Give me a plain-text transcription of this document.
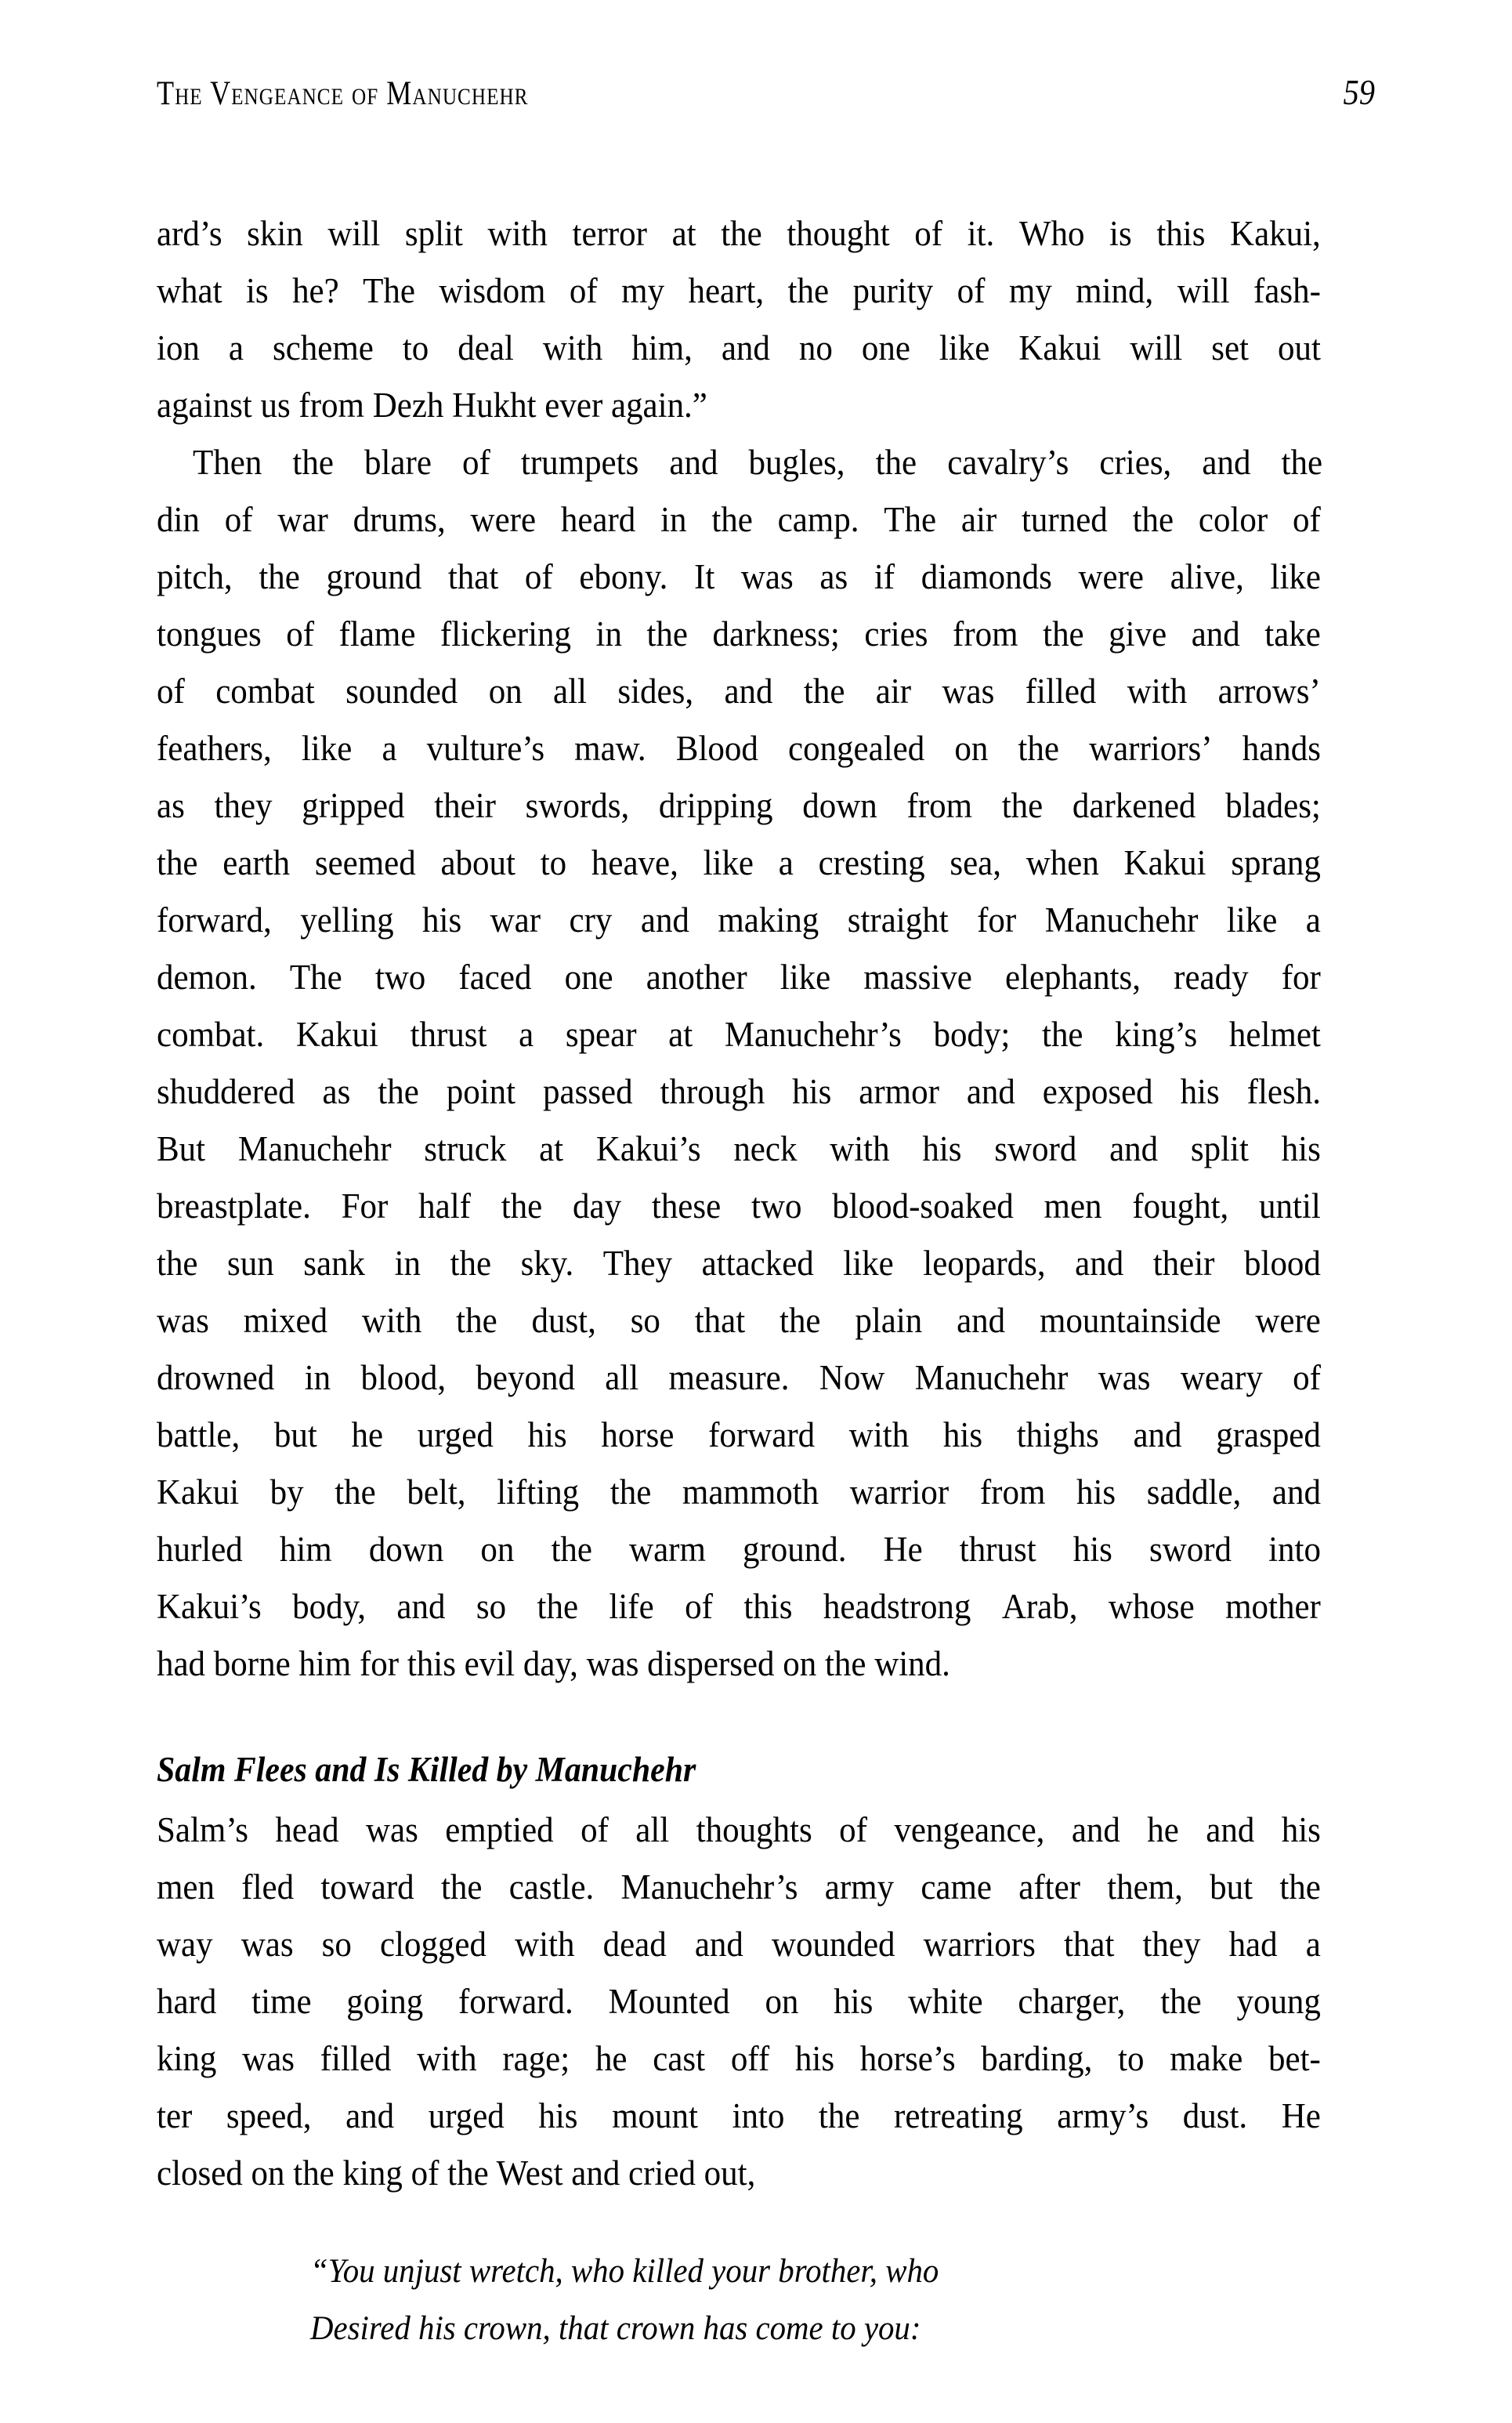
The Vengeance of Manuchehr	59

ard’s skin will split with terror at the thought of it. Who is this Kakui,
what is he? The wisdom of my heart, the purity of my mind, will fash-
ion a scheme to deal with him, and no one like Kakui will set out
against us from Dezh Hukht ever again.”

Then the blare of trumpets and bugles, the cavalry’s cries, and the
din of war drums, were heard in the camp. The air turned the color of
pitch, the ground that of ebony. It was as if diamonds were alive, like
tongues of flame flickering in the darkness; cries from the give and take
of combat sounded on all sides, and the air was filled with arrows’
feathers, like a vulture’s maw. Blood congealed on the warriors’ hands
as they gripped their swords, dripping down from the darkened blades;
the earth seemed about to heave, like a cresting sea, when Kakui sprang
forward, yelling his war cry and making straight for Manuchehr like a
demon. The two faced one another like massive elephants, ready for
combat. Kakui thrust a spear at Manuchehr’s body; the king’s helmet
shuddered as the point passed through his armor and exposed his flesh.
But Manuchehr struck at Kakui’s neck with his sword and split his
breastplate. For half the day these two blood-soaked men fought, until
the sun sank in the sky. They attacked like leopards, and their blood
was mixed with the dust, so that the plain and mountainside were
drowned in blood, beyond all measure. Now Manuchehr was weary of
battle, but he urged his horse forward with his thighs and grasped
Kakui by the belt, lifting the mammoth warrior from his saddle, and
hurled him down on the warm ground. He thrust his sword into
Kakui’s body, and so the life of this headstrong Arab, whose mother
had borne him for this evil day, was dispersed on the wind.

Salm Flees and Is Killed by Manuchehr

Salm’s head was emptied of all thoughts of vengeance, and he and his
men fled toward the castle. Manuchehr’s army came after them, but the
way was so clogged with dead and wounded warriors that they had a
hard time going forward. Mounted on his white charger, the young
king was filled with rage; he cast off his horse’s barding, to make bet-
ter speed, and urged his mount into the retreating army’s dust. He
closed on the king of the West and cried out,

“You unjust wretch, who killed your brother, who
Desired his crown, that crown has come to you:
